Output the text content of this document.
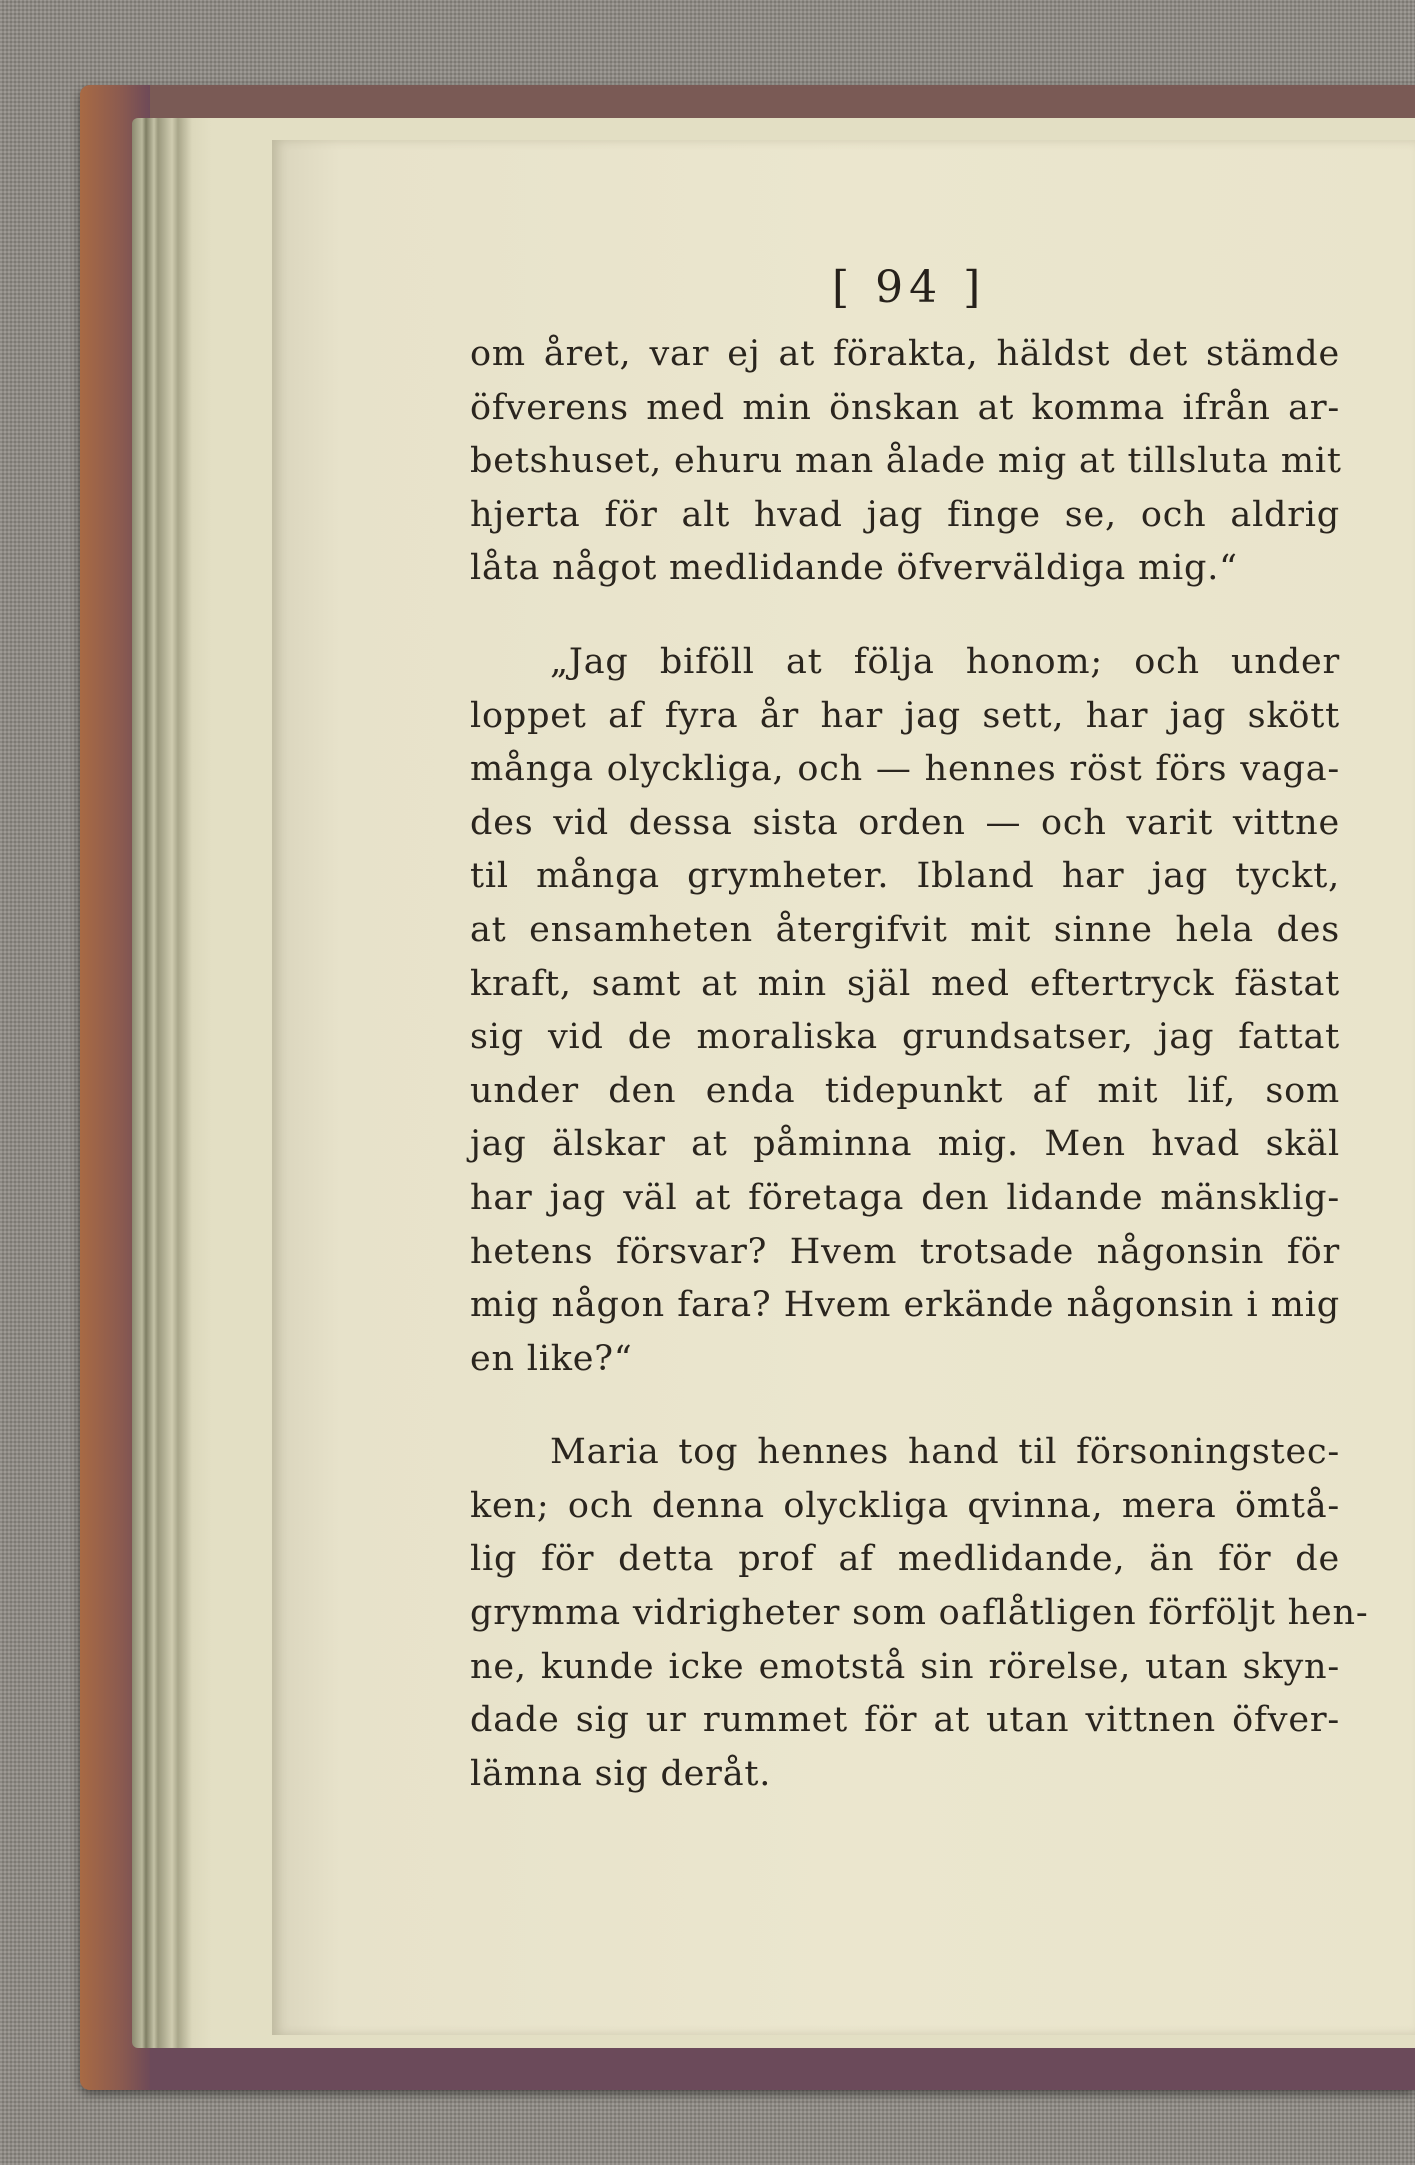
[ 94 ]
om året, var ej at förakta, häldst det stämde
öfverens med min önskan at komma ifrån ar-
betshuset, ehuru man ålade mig at tillsluta mit
hjerta för alt hvad jag finge se, och aldrig
låta något medlidande öfverväldiga mig.“
„Jag biföll at följa honom; och under
loppet af fyra år har jag sett, har jag skött
många olyckliga, och — hennes röst förs vaga-
des vid dessa sista orden — och varit vittne
til många grymheter. Ibland har jag tyckt,
at ensamheten återgifvit mit sinne hela des
kraft, samt at min själ med eftertryck fästat
sig vid de moraliska grundsatser, jag fattat
under den enda tidepunkt af mit lif, som
jag älskar at påminna mig. Men hvad skäl
har jag väl at företaga den lidande mänsklig-
hetens försvar? Hvem trotsade någonsin för
mig någon fara? Hvem erkände någonsin i mig
en like?“
Maria tog hennes hand til försoningstec-
ken; och denna olyckliga qvinna, mera ömtå-
lig för detta prof af medlidande, än för de
grymma vidrigheter som oaflåtligen förföljt hen-
ne, kunde icke emotstå sin rörelse, utan skyn-
dade sig ur rummet för at utan vittnen öfver-
lämna sig deråt.
